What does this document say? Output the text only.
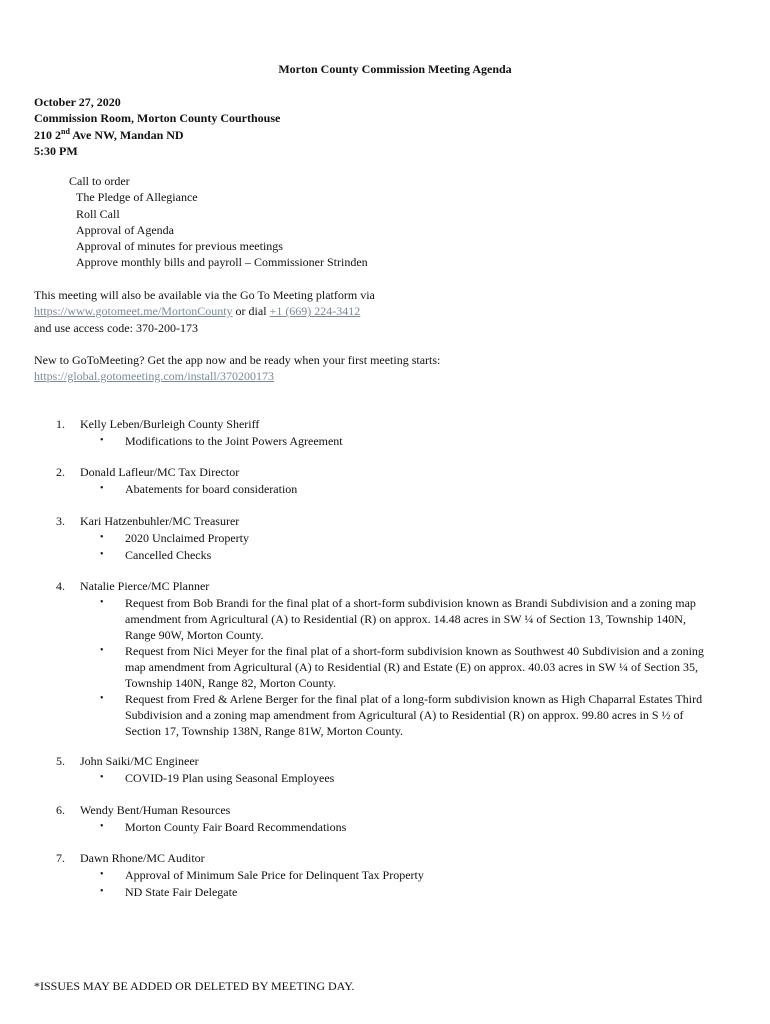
Morton County Commission Meeting Agenda
October 27, 2020
Commission Room, Morton County Courthouse
210 2nd Ave NW, Mandan ND
5:30 PM
Call to order
The Pledge of Allegiance
Roll Call
Approval of Agenda
Approval of minutes for previous meetings
Approve monthly bills and payroll – Commissioner Strinden
This meeting will also be available via the Go To Meeting platform via
https://www.gotomeet.me/MortonCounty or dial +1 (669) 224-3412
and use access code: 370-200-173
New to GoToMeeting? Get the app now and be ready when your first meeting starts:
https://global.gotomeeting.com/install/370200173
1. Kelly Leben/Burleigh County Sheriff
• Modifications to the Joint Powers Agreement
2. Donald Lafleur/MC Tax Director
• Abatements for board consideration
3. Kari Hatzenbuhler/MC Treasurer
• 2020 Unclaimed Property
• Cancelled Checks
4. Natalie Pierce/MC Planner
• Request from Bob Brandi for the final plat of a short-form subdivision known as Brandi Subdivision and a zoning map amendment from Agricultural (A) to Residential (R) on approx. 14.48 acres in SW ¼ of Section 13, Township 140N, Range 90W, Morton County.
• Request from Nici Meyer for the final plat of a short-form subdivision known as Southwest 40 Subdivision and a zoning map amendment from Agricultural (A) to Residential (R) and Estate (E) on approx. 40.03 acres in SW ¼ of Section 35, Township 140N, Range 82, Morton County.
• Request from Fred & Arlene Berger for the final plat of a long-form subdivision known as High Chaparral Estates Third Subdivision and a zoning map amendment from Agricultural (A) to Residential (R) on approx. 99.80 acres in S ½ of Section 17, Township 138N, Range 81W, Morton County.
5. John Saiki/MC Engineer
• COVID-19 Plan using Seasonal Employees
6. Wendy Bent/Human Resources
• Morton County Fair Board Recommendations
7. Dawn Rhone/MC Auditor
• Approval of Minimum Sale Price for Delinquent Tax Property
• ND State Fair Delegate
*ISSUES MAY BE ADDED OR DELETED BY MEETING DAY.
